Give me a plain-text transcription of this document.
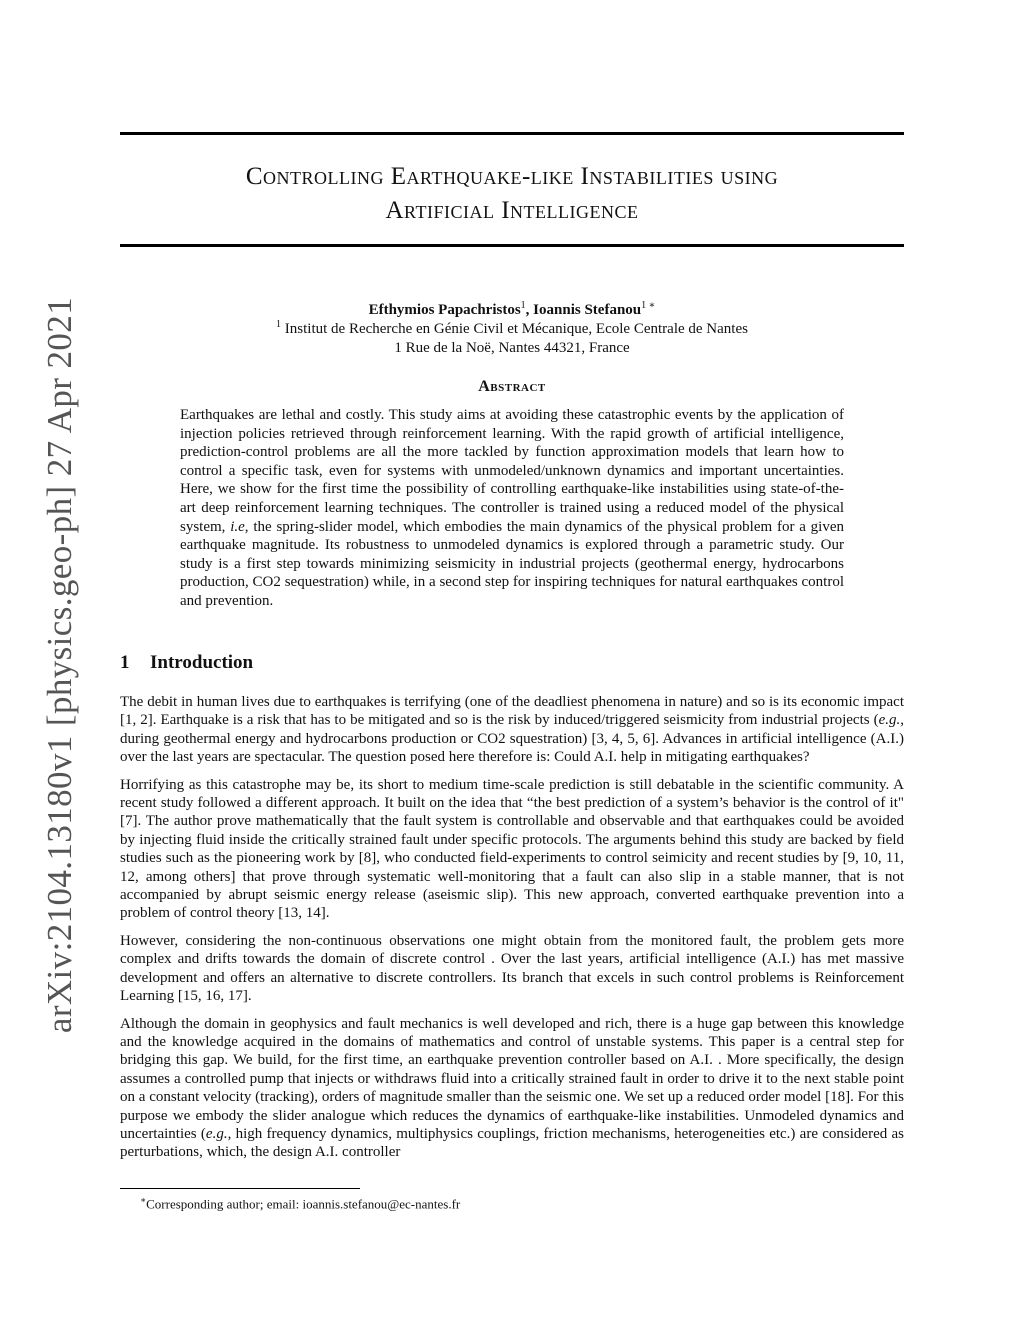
Controlling Earthquake-like Instabilities using
Artificial Intelligence
arXiv:2104.13180v1 [physics.geo-ph] 27 Apr 2021	Efthymios Papachristos$^1$, Ioannis Stefanou$^{1 ∗}$
$^1$ Institut de Recherche en Génie Civil et Mécanique, Ecole Centrale de Nantes
1 Rue de la Noë, Nantes 44321, France
Abstract
Earthquakes are lethal and costly. This study aims at avoiding these catastrophic events by the application of injection policies retrieved through reinforcement learning. With the rapid growth of artificial intelligence, prediction-control problems are all the more tackled by function approximation models that learn how to control a specific task, even for systems with unmodeled/unknown dynamics and important uncertainties. Here, we show for the first time the possibility of controlling earthquake-like instabilities using state-of-the-art deep reinforcement learning techniques. The controller is trained using a reduced model of the physical system, i.e, the spring-slider model, which embodies the main dynamics of the physical problem for a given earthquake magnitude. Its robustness to unmodeled dynamics is explored through a parametric study. Our study is a first step towards minimizing seismicity in industrial projects (geothermal energy, hydrocarbons production, CO2 sequestration) while, in a second step for inspiring techniques for natural earthquakes control and prevention.
1 Introduction

The debit in human lives due to earthquakes is terrifying (one of the deadliest phenomena in nature) and so is its economic impact [1, 2]. Earthquake is a risk that has to be mitigated and so is the risk by induced/triggered seismicity from industrial projects (e.g., during geothermal energy and hydrocarbons production or CO2 squestration) [3, 4, 5, 6]. Advances in artificial intelligence (A.I.) over the last years are spectacular. The question posed here therefore is: Could A.I. help in mitigating earthquakes?

Horrifying as this catastrophe may be, its short to medium time-scale prediction is still debatable in the scientific community. A recent study followed a different approach. It built on the idea that “the best prediction of a system’s behavior is the control of it" [7]. The author prove mathematically that the fault system is controllable and observable and that earthquakes could be avoided by injecting fluid inside the critically strained fault under specific protocols. The arguments behind this study are backed by field studies such as the pioneering work by [8], who conducted field-experiments to control seimicity and recent studies by [9, 10, 11, 12, among others] that prove through systematic well-monitoring that a fault can also slip in a stable manner, that is not accompanied by abrupt seismic energy release (aseismic slip). This new approach, converted earthquake prevention into a problem of control theory [13, 14].

However, considering the non-continuous observations one might obtain from the monitored fault, the problem gets more complex and drifts towards the domain of discrete control . Over the last years, artificial intelligence (A.I.) has met massive development and offers an alternative to discrete controllers. Its branch that excels in such control problems is Reinforcement Learning [15, 16, 17].

Although the domain in geophysics and fault mechanics is well developed and rich, there is a huge gap between this knowledge and the knowledge acquired in the domains of mathematics and control of unstable systems. This paper is a central step for bridging this gap. We build, for the first time, an earthquake prevention controller based on A.I. . More specifically, the design assumes a controlled pump that injects or withdraws fluid into a critically strained fault in order to drive it to the next stable point on a constant velocity (tracking), orders of magnitude smaller than the seismic one. We set up a reduced order model [18]. For this purpose we embody the slider analogue which reduces the dynamics of earthquake-like instabilities. Unmodeled dynamics and uncertainties (e.g., high frequency dynamics, multiphysics couplings, friction mechanisms, heterogeneities etc.) are considered as perturbations, which, the design A.I. controller

∗Corresponding author; email: ioannis.stefanou@ec-nantes.fr
